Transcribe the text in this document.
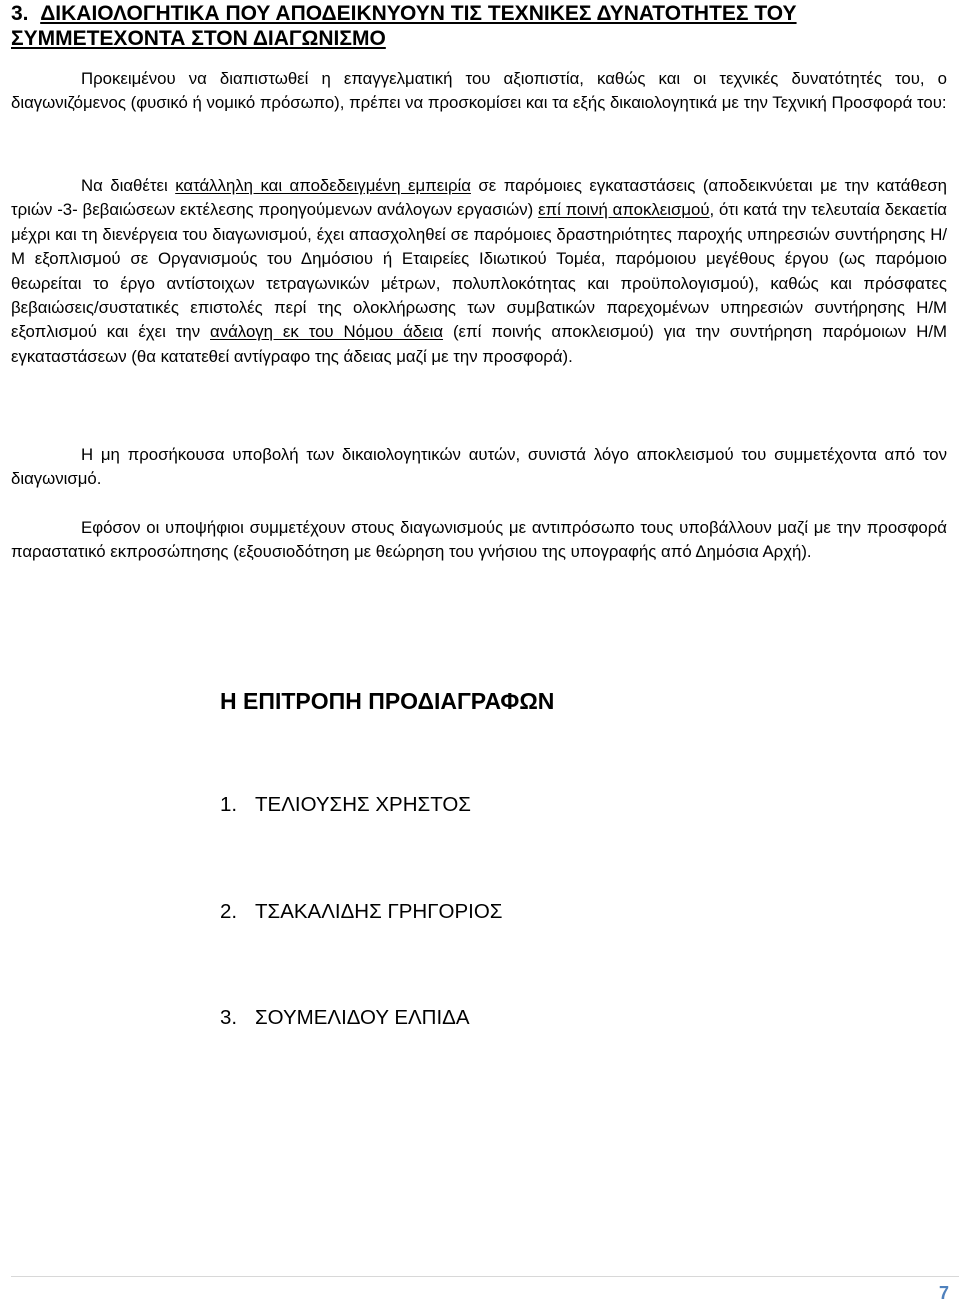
3. ΔΙΚΑΙΟΛΟΓΗΤΙΚΑ ΠΟΥ ΑΠΟΔΕΙΚΝΥΟΥΝ ΤΙΣ ΤΕΧΝΙΚΕΣ ΔΥΝΑΤΟΤΗΤΕΣ ΤΟΥ ΣΥΜΜΕΤΕΧΟΝΤΑ ΣΤΟΝ ΔΙΑΓΩΝΙΣΜΟ

Προκειμένου να διαπιστωθεί η επαγγελματική του αξιοπιστία, καθώς και οι τεχνικές δυνατότητές του, ο διαγωνιζόμενος (φυσικό ή νομικό πρόσωπο), πρέπει να προσκομίσει και τα εξής δικαιολογητικά με την Τεχνική Προσφορά του:

Να διαθέτει κατάλληλη και αποδεδειγμένη εμπειρία σε παρόμοιες εγκαταστάσεις (αποδεικνύεται με την κατάθεση τριών -3- βεβαιώσεων εκτέλεσης προηγούμενων ανάλογων εργασιών) επί ποινή αποκλεισμού, ότι κατά την τελευταία δεκαετία μέχρι και τη διενέργεια του διαγωνισμού, έχει απασχοληθεί σε παρόμοιες δραστηριότητες παροχής υπηρεσιών συντήρησης Η/Μ εξοπλισμού σε Οργανισμούς του Δημόσιου ή Εταιρείες Ιδιωτικού Τομέα, παρόμοιου μεγέθους έργου (ως παρόμοιο θεωρείται το έργο αντίστοιχων τετραγωνικών μέτρων, πολυπλοκότητας και προϋπολογισμού), καθώς και πρόσφατες βεβαιώσεις/συστατικές επιστολές περί της ολοκλήρωσης των συμβατικών παρεχομένων υπηρεσιών συντήρησης Η/Μ εξοπλισμού και έχει την ανάλογη εκ του Νόμου άδεια (επί ποινής αποκλεισμού) για την συντήρηση παρόμοιων Η/Μ εγκαταστάσεων (θα κατατεθεί αντίγραφο της άδειας μαζί με την προσφορά).

Η μη προσήκουσα υποβολή των δικαιολογητικών αυτών, συνιστά λόγο αποκλεισμού του συμμετέχοντα από τον διαγωνισμό.

Εφόσον οι υποψήφιοι συμμετέχουν στους διαγωνισμούς με αντιπρόσωπο τους υποβάλλουν μαζί με την προσφορά παραστατικό εκπροσώπησης (εξουσιοδότηση με θεώρηση του γνήσιου της υπογραφής από Δημόσια Αρχή).

Η ΕΠΙΤΡΟΠΗ ΠΡΟΔΙΑΓΡΑΦΩΝ

1. ΤΕΛΙΟΥΣΗΣ ΧΡΗΣΤΟΣ

2. ΤΣΑΚΑΛΙΔΗΣ ΓΡΗΓΟΡΙΟΣ

3. ΣΟΥΜΕΛΙΔΟΥ ΕΛΠΙΔΑ

7
